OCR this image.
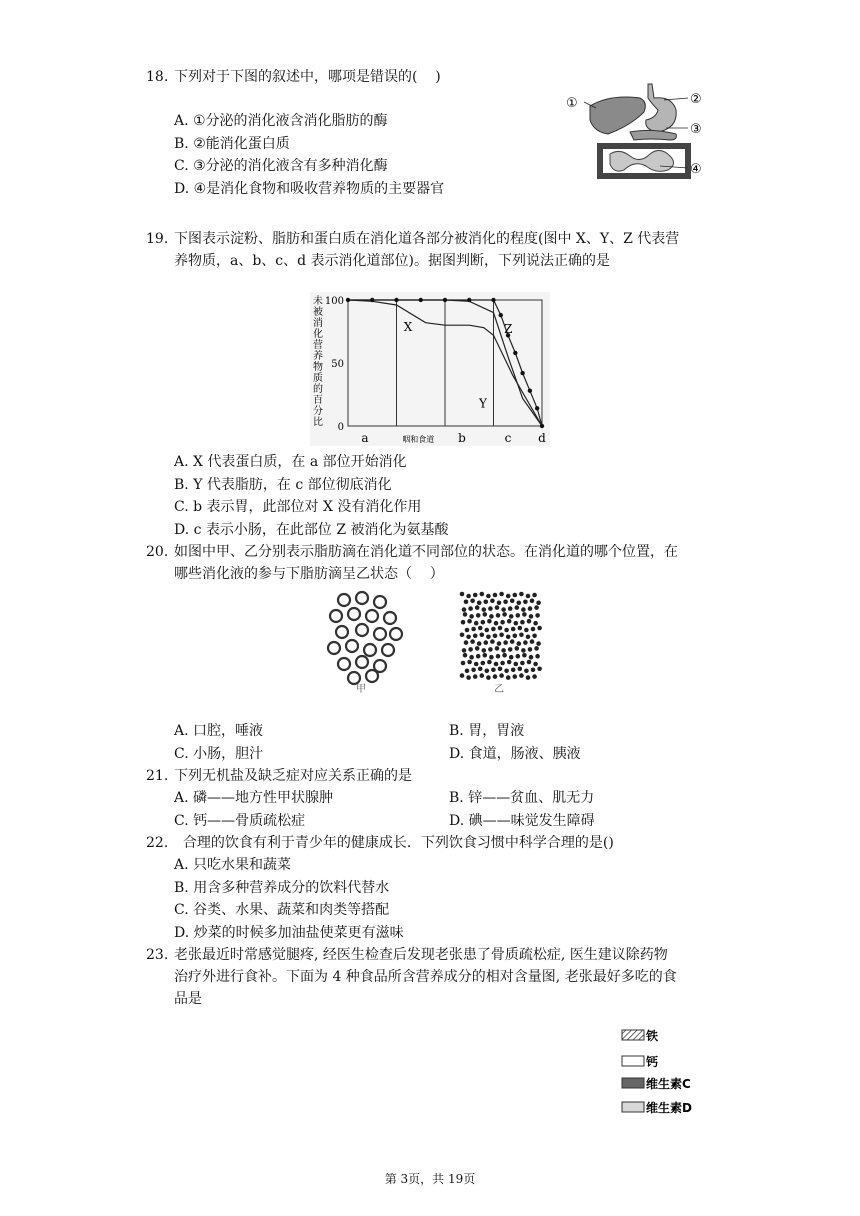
18. 下列对于下图的叙述中，哪项是错误的(    )
A. ①分泌的消化液含消化脂肪的酶
B. ②能消化蛋白质
C. ③分泌的消化液含有多种消化酶
D. ④是消化食物和吸收营养物质的主要器官
①	②
③
④
19. 下图表示淀粉、脂肪和蛋白质在消化道各部分被消化的程度(图中 X、Y、Z 代表营
养物质，a、b、c、d 表示消化道部位)。据图判断，下列说法正确的是
未被消化营养物质的百分比
100
50
0
a	咽和食道 b	c d
X
Y
Z
A. X 代表蛋白质，在 a 部位开始消化
B. Y 代表脂肪，在 c 部位彻底消化
C. b 表示胃，此部位对 X 没有消化作用
D. c 表示小肠，在此部位 Z 被消化为氨基酸
20. 如图中甲、乙分别表示脂肪滴在消化道不同部位的状态。在消化道的哪个位置，在
哪些消化液的参与下脂肪滴呈乙状态（    ）
甲	乙
A. 口腔，唾液	B. 胃，胃液
C. 小肠，胆汁	D. 食道，肠液、胰液
21. 下列无机盐及缺乏症对应关系正确的是
A. 磷——地方性甲状腺肿	B. 锌——贫血、肌无力
C. 钙——骨质疏松症	D. 碘——味觉发生障碍
22. 合理的饮食有利于青少年的健康成长．下列饮食习惯中科学合理的是()
A. 只吃水果和蔬菜
B. 用含多种营养成分的饮料代替水
C. 谷类、水果、蔬菜和肉类等搭配
D. 炒菜的时候多加油盐使菜更有滋味
23. 老张最近时常感觉腿疼, 经医生检查后发现老张患了骨质疏松症, 医生建议除药物
治疗外进行食补。下面为 4 种食品所含营养成分的相对含量图, 老张最好多吃的食
品是
铁
钙
维生素C
维生素D
第 3页，共 19页
